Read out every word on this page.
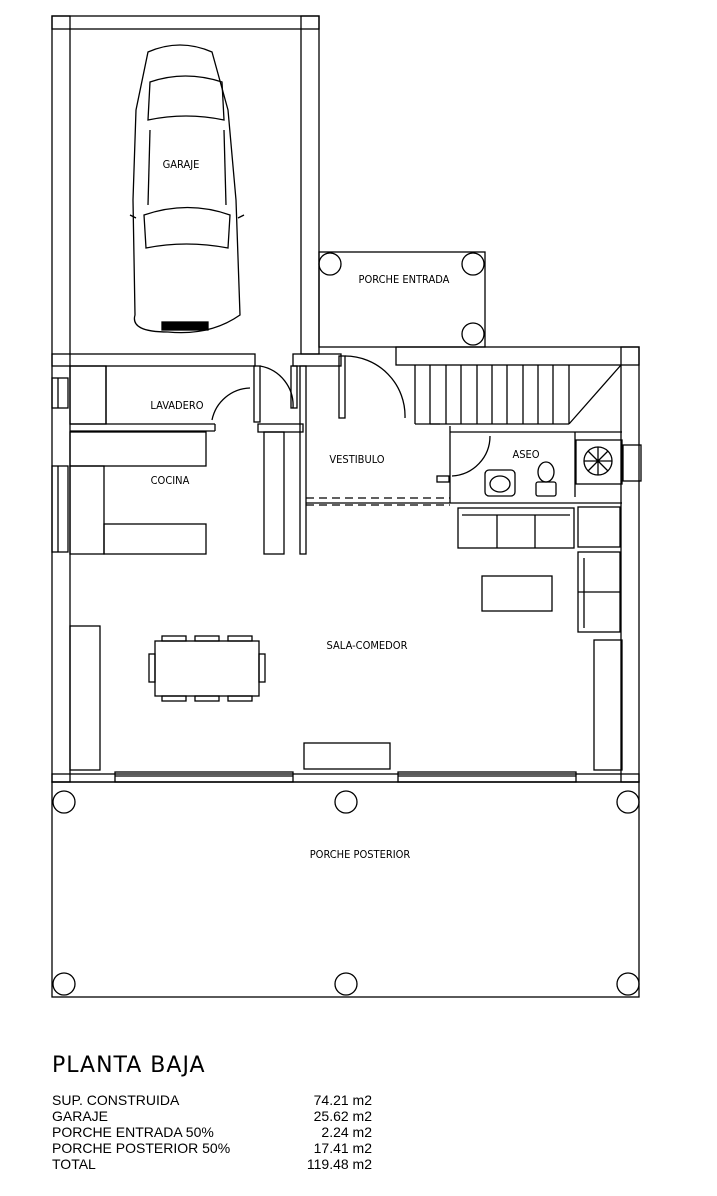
GARAJE
PORCHE ENTRADA
LAVADERO
COCINA
VESTIBULO	ASEO
SALA-COMEDOR
PORCHE POSTERIOR
PLANTA BAJA
SUP. CONSTRUIDA	74.21 m2
GARAJE	25.62 m2
PORCHE ENTRADA 50%	2.24 m2
PORCHE POSTERIOR 50%	17.41 m2
TOTAL	119.48 m2
